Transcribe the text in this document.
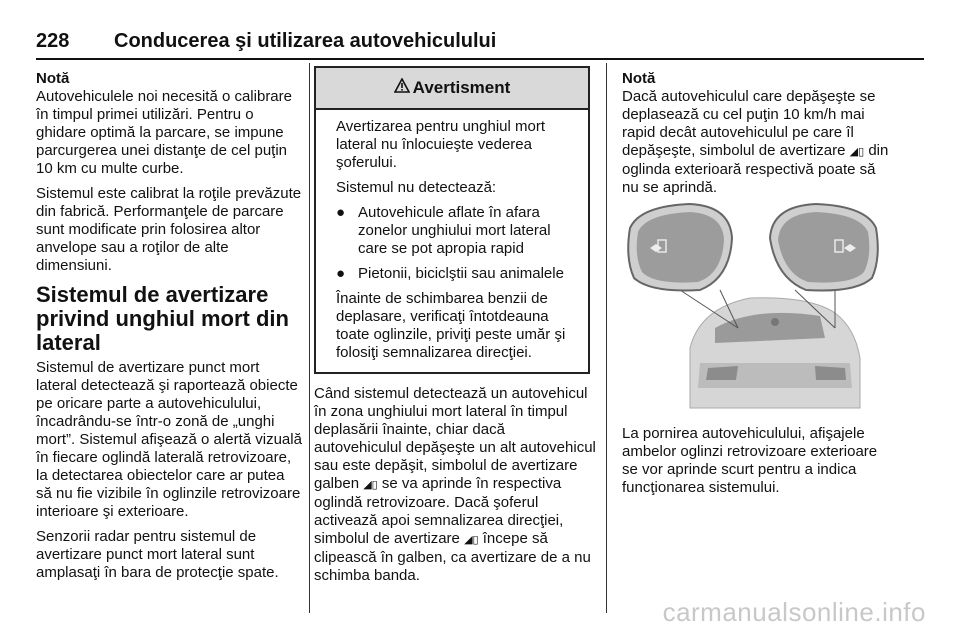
228 Conducerea şi utilizarea autovehiculului
Notă

Autovehiculele noi necesită o calibrare în timpul primei utilizări. Pentru o ghidare optimă la parcare, se impune parcurgerea unei distanţe de cel puţin 10 km cu multe curbe.

Sistemul este calibrat la roţile prevăzute din fabrică. Performanţele de parcare sunt modificate prin folosirea altor anvelope sau a roţilor de alte dimensiuni.

Sistemul de avertizare privind unghiul mort din lateral

Sistemul de avertizare punct mort lateral detectează şi raportează obiecte pe oricare parte a autovehiculului, încadrându-se într-o zonă de „unghi mort”. Sistemul afişează o alertă vizuală în fiecare oglindă laterală retrovizoare, la detectarea obiectelor care ar putea să nu fie vizibile în oglinzile retrovizoare interioare şi exterioare.

Senzorii radar pentru sistemul de avertizare punct mort lateral sunt amplasaţi în bara de protecţie spate.

Avertisment

Avertizarea pentru unghiul mort lateral nu înlocuieşte vederea şoferului.

Sistemul nu detectează:

● Autovehicule aflate în afara zonelor unghiului mort lateral care se pot apropia rapid
● Pietonii, biciclştii sau animalele

Înainte de schimbarea benzii de deplasare, verificaţi întotdeauna toate oglinzile, priviţi peste umăr şi folosiţi semnalizarea direcţiei.

Când sistemul detectează un autovehicul în zona unghiului mort lateral în timpul deplasării înainte, chiar dacă autovehiculul depăşeşte un alt autovehicul sau este depăşit, simbolul de avertizare galben ◢▯ se va aprinde în respectiva oglindă retrovizoare. Dacă şoferul activează apoi semnalizarea direcţiei, simbolul de avertizare ◢▯ începe să clipească în galben, ca avertizare de a nu schimba banda.

Notă

Dacă autovehiculul care depăşeşte se deplasează cu cel puţin 10 km/h mai rapid decât autovehiculul pe care îl depăşeşte, simbolul de avertizare ◢▯ din oglinda exterioară respectivă poate să nu se aprindă.

La pornirea autovehiculului, afişajele ambelor oglinzi retrovizoare exterioare se vor aprinde scurt pentru a indica funcţionarea sistemului.

carmanualsonline.info
